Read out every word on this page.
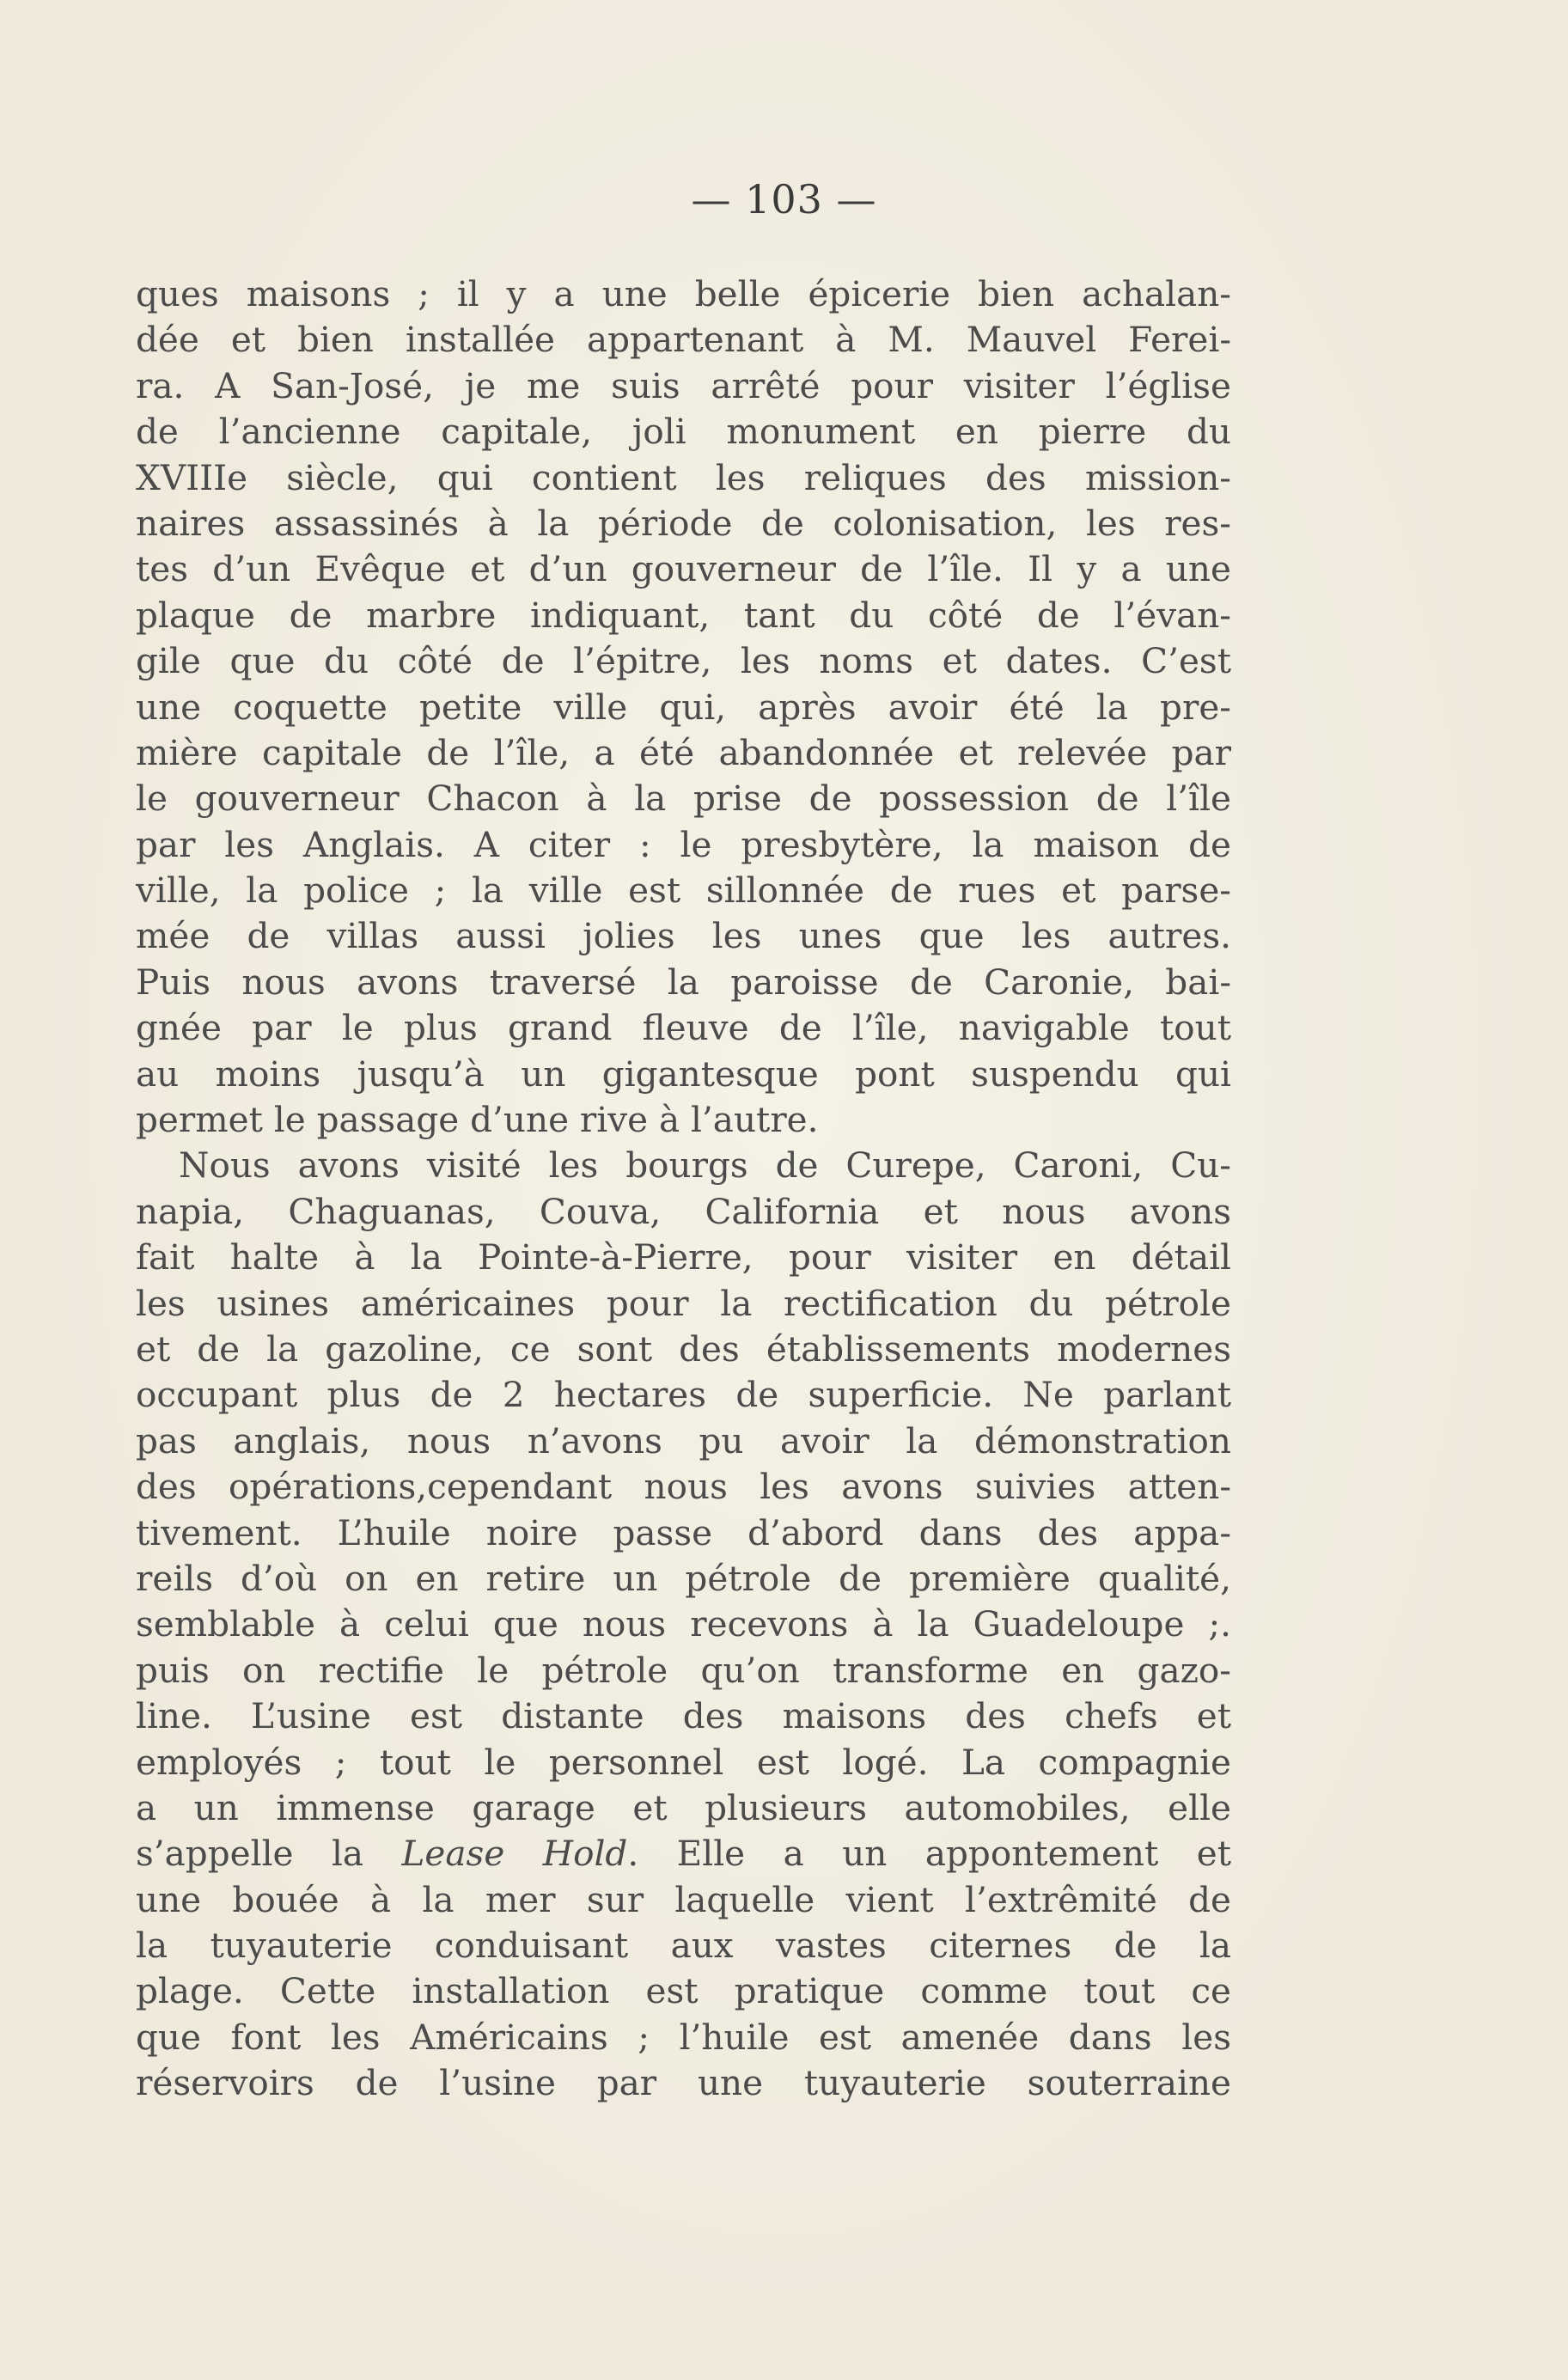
— 103 —
ques maisons ; il y a une belle épicerie bien achalan-
dée et bien installée appartenant à M. Mauvel Ferei-
ra. A San-José, je me suis arrêté pour visiter l’église
de l’ancienne capitale, joli monument en pierre du
XVIIIe siècle, qui contient les reliques des mission-
naires assassinés à la période de colonisation, les res-
tes d’un Evêque et d’un gouverneur de l’île. Il y a une
plaque de marbre indiquant, tant du côté de l’évan-
gile que du côté de l’épitre, les noms et dates. C’est
une coquette petite ville qui, après avoir été la pre-
mière capitale de l’île, a été abandonnée et relevée par
le gouverneur Chacon à la prise de possession de l’île
par les Anglais. A citer : le presbytère, la maison de
ville, la police ; la ville est sillonnée de rues et parse-
mée de villas aussi jolies les unes que les autres.
Puis nous avons traversé la paroisse de Caronie, bai-
gnée par le plus grand fleuve de l’île, navigable tout
au moins jusqu’à un gigantesque pont suspendu qui
permet le passage d’une rive à l’autre.
Nous avons visité les bourgs de Curepe, Caroni, Cu-
napia, Chaguanas, Couva, California et nous avons
fait halte à la Pointe-à-Pierre, pour visiter en détail
les usines américaines pour la rectification du pétrole
et de la gazoline, ce sont des établissements modernes
occupant plus de 2 hectares de superficie. Ne parlant
pas anglais, nous n’avons pu avoir la démonstration
des opérations,cependant nous les avons suivies atten-
tivement. L’huile noire passe d’abord dans des appa-
reils d’où on en retire un pétrole de première qualité,
semblable à celui que nous recevons à la Guadeloupe ;.
puis on rectifie le pétrole qu’on transforme en gazo-
line. L’usine est distante des maisons des chefs et
employés ; tout le personnel est logé. La compagnie
a un immense garage et plusieurs automobiles, elle
s’appelle la Lease Hold. Elle a un appontement et
une bouée à la mer sur laquelle vient l’extrêmité de
la tuyauterie conduisant aux vastes citernes de la
plage. Cette installation est pratique comme tout ce
que font les Américains ; l’huile est amenée dans les
réservoirs de l’usine par une tuyauterie souterraine
